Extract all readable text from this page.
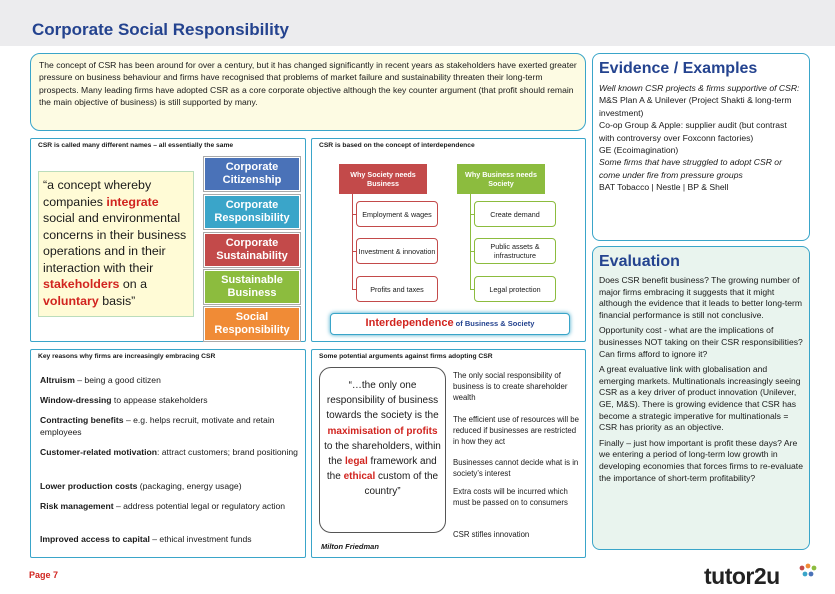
Corporate Social Responsibility

The concept of CSR has been around for over a century, but it has changed significantly in recent years as stakeholders have exerted greater pressure on business behaviour and firms have recognised that problems of market failure and sustainability threaten their long-term prospects. Many leading firms have adopted CSR as a core corporate objective although the key counter argument (that profit should remain the main objective of business) is still supported by many.

CSR is called many different names – all essentially the same
“a concept whereby companies integrate social and environmental concerns in their business operations and in their interaction with their stakeholders on a voluntary basis”
Corporate Citizenship
Corporate Responsibility
Corporate Sustainability
Sustainable Business
Social Responsibility
CSR is based on the concept of interdependence
Why Society needs Business
Why Business needs Society
Employment & wages
Investment & innovation
Profits and taxes
Create demand
Public assets & infrastructure
Legal protection
Interdependence of Business & Society
Key reasons why firms are increasingly embracing CSR
Altruism – being a good citizen
Window-dressing to appease stakeholders
Contracting benefits – e.g. helps recruit, motivate and retain employees
Customer-related motivation: attract customers; brand positioning
Lower production costs (packaging, energy usage)
Risk management – address potential legal or regulatory action
Improved access to capital – ethical investment funds
Some potential arguments against firms adopting CSR
“…the only one responsibility of business towards the society is the maximisation of profits to the shareholders, within the legal framework and the ethical custom of the country”
Milton Friedman
The only social responsibility of business is to create shareholder wealth
The efficient use of resources will be reduced if businesses are restricted in how they act
Businesses cannot decide what is in society’s interest
Extra costs will be incurred which must be passed on to consumers
CSR stifles innovation
Evidence / Examples
Well known CSR projects & firms supportive of CSR:
M&S Plan A & Unilever (Project Shakti & long-term investment)
Co-op Group & Apple: supplier audit (but contrast with controversy over Foxconn factories)
GE (Ecoimagination)
Some firms that have struggled to adopt CSR or come under fire from pressure groups
BAT Tobacco | Nestle | BP & Shell
Evaluation

Does CSR benefit business? The growing number of major firms embracing it suggests that it might although the evidence that it leads to better long-term financial performance is still not conclusive.

Opportunity cost - what are the implications of businesses NOT taking on their CSR responsibilities? Can firms afford to ignore it?

A great evaluative link with globalisation and emerging markets. Multinationals increasingly seeing CSR as a key driver of product innovation (Unilever, GE, M&S). There is growing evidence that CSR has become a strategic imperative for multinationals = CSR has priority as an objective.

Finally – just how important is profit these days? Are we entering a period of long-term low growth in developing economies that forces firms to re-evaluate the importance of short-term profitability?

Page 7	tutor2u
